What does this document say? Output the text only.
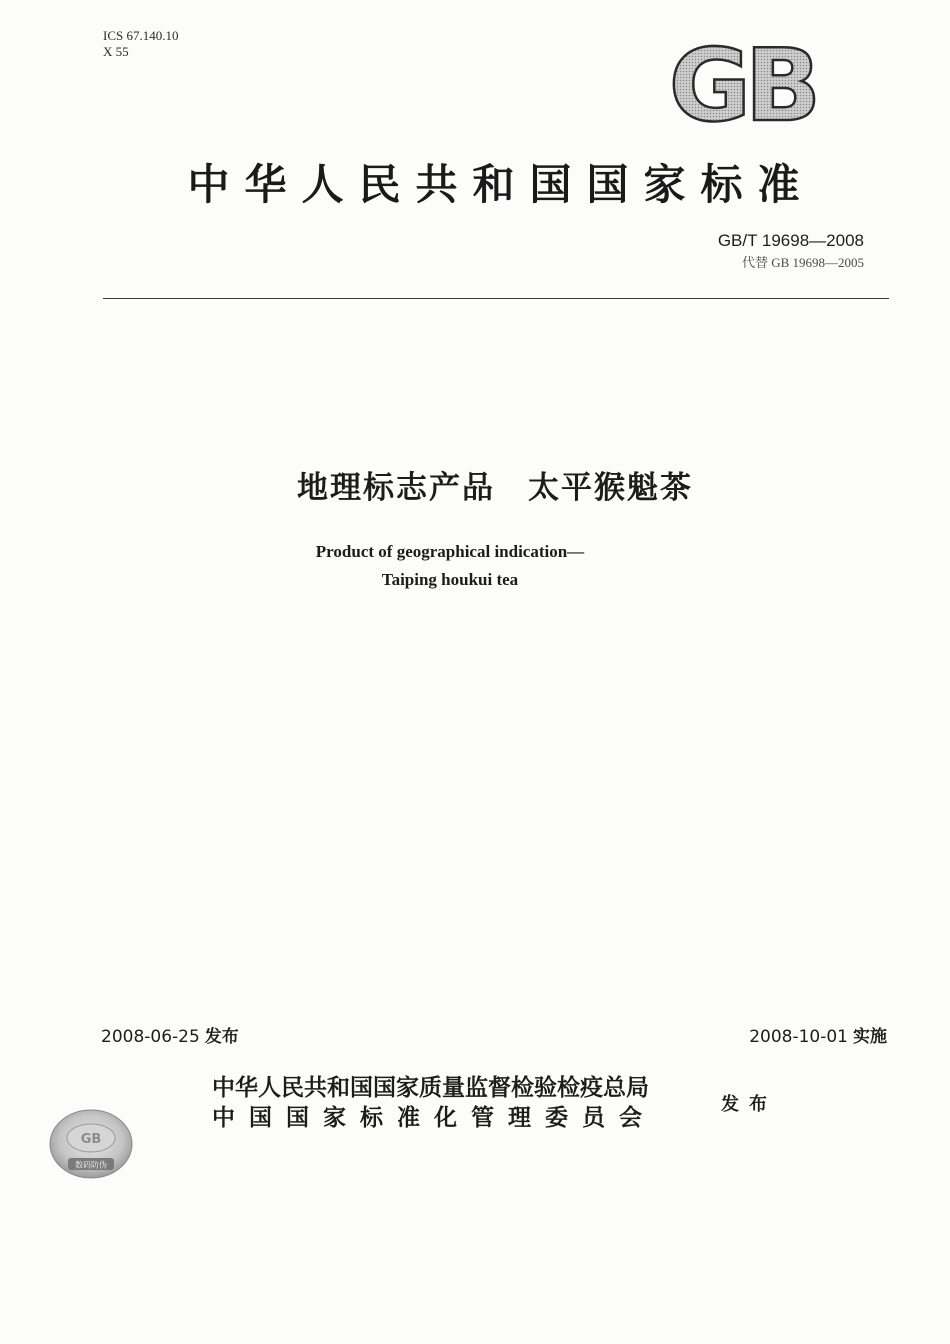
ICS 67.140.10
X 55	GB
中华人民共和国国家标准
GB/T 19698—2008
代替 GB 19698—2005
地理标志产品　太平猴魁茶
Product of geographical indication—
Taiping houkui tea
2008-06-25 发布	2008-10-01 实施
中华人民共和国国家质量监督检验检疫总局
中国国家标准化管理委员会
发布
GB
数码防伪
